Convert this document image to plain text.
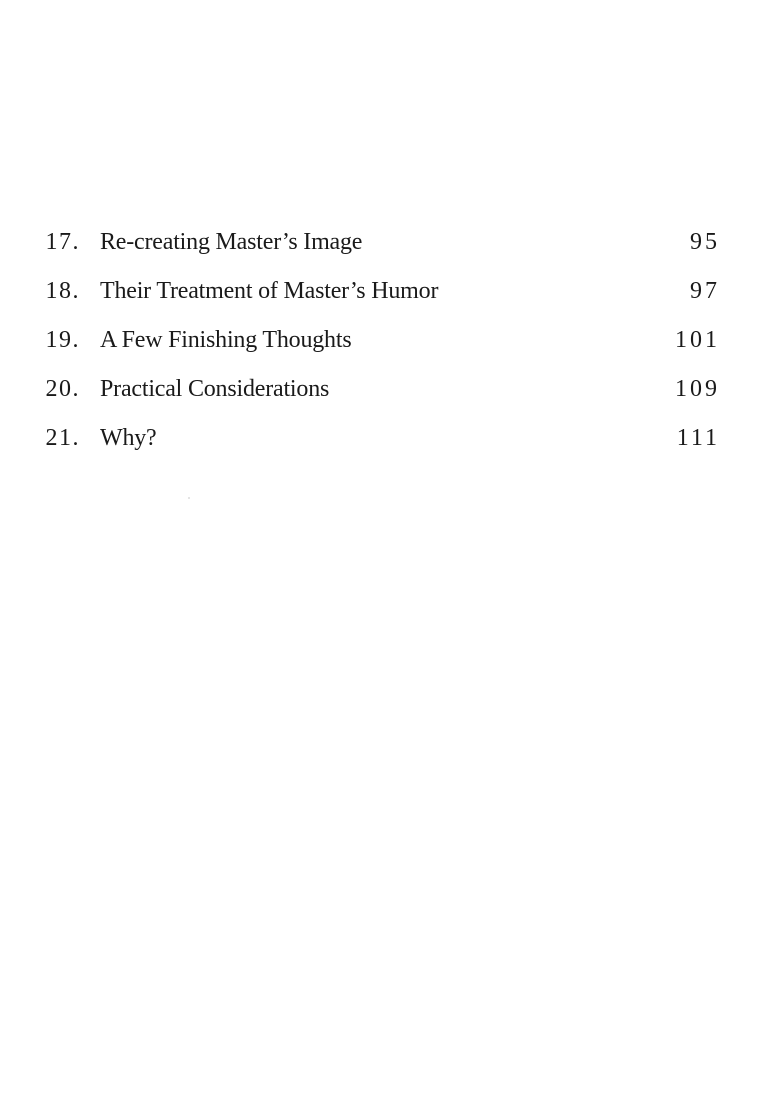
17. Re-creating Master’s Image	95
18. Their Treatment of Master’s Humor	97
19. A Few Finishing Thoughts	101
20. Practical Considerations	109
21. Why?	111
